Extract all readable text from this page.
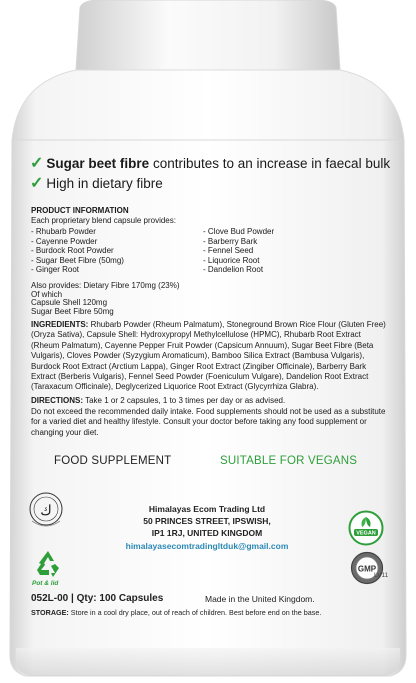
✓ Sugar beet fibre contributes to an increase in faecal bulk
✓ High in dietary fibre
PRODUCT INFORMATION
Each proprietary blend capsule provides:
- Rhubarb Powder
- Cayenne Powder
- Burdock Root Powder
- Sugar Beet Fibre (50mg)
- Ginger Root
- Clove Bud Powder
- Barberry Bark
- Fennel Seed
- Liquorice Root
- Dandelion Root
Also provides: Dietary Fibre 170mg (23%)
Of which
Capsule Shell 120mg
Sugar Beet Fibre 50mg
INGREDIENTS: Rhubarb Powder (Rheum Palmatum), Stoneground Brown Rice Flour (Gluten Free) (Oryza Sativa), Capsule Shell: Hydroxypropyl Methylcellulose (HPMC), Rhubarb Root Extract (Rheum Palmatum), Cayenne Pepper Fruit Powder (Capsicum Annuum), Sugar Beet Fibre (Beta Vulgaris), Cloves Powder (Syzygium Aromaticum), Bamboo Silica Extract (Bambusa Vulgaris), Burdock Root Extract (Arctium Lappa), Ginger Root Extract (Zingiber Officinale), Barberry Bark Extract (Berberis Vulgaris), Fennel Seed Powder (Foeniculum Vulgare), Dandelion Root Extract (Taraxacum Officinale), Deglycerized Liquorice Root Extract (Glycyrrhiza Glabra).
DIRECTIONS: Take 1 or 2 capsules, 1 to 3 times per day or as advised.
Do not exceed the recommended daily intake. Food supplements should not be used as a substitute for a varied diet and healthy lifestyle. Consult your doctor before taking any food supplement or changing your diet.
FOOD SUPPLEMENT	SUITABLE FOR VEGANS
ﻙ
Pot & lid
Himalayas Ecom Trading Ltd
50 PRINCES STREET, IPSWISH,
IP1 1RJ, UNITED KINGDOM
himalayasecomtradingltduk@gmail.com
VEGAN
GMP
LV11
052L-00 | Qty: 100 Capsules	Made in the United Kingdom.
STORAGE: Store in a cool dry place, out of reach of children. Best before end on the base.
